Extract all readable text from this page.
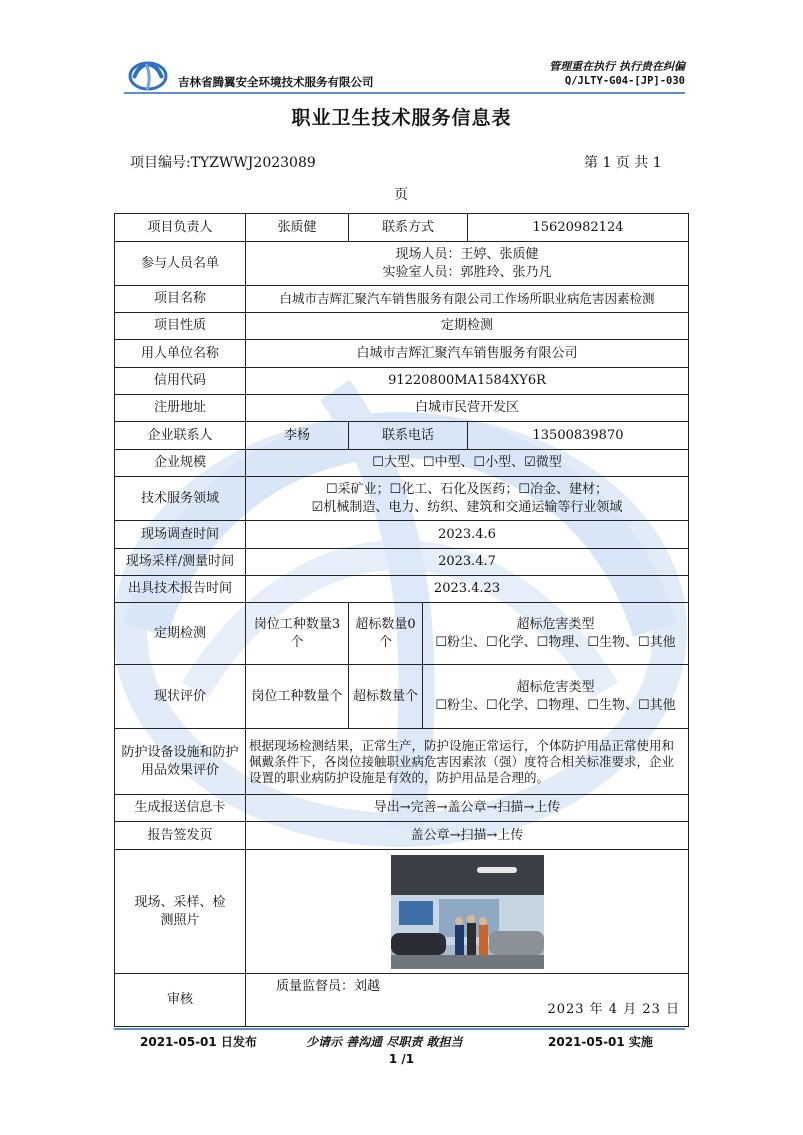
吉林省腾翼安全环境技术服务有限公司
管理重在执行 执行贵在纠偏
Q/JLTY-G04-[JP]-030
职业卫生技术服务信息表
项目编号:TYZWWJ2023089	第 1 页 共 1
页
项目负责人	张质健	联系方式		15620982124
参与人员名单	现场人员：王婷、张质健
实验室人员：郭胜玲、张乃凡			

项目名称	白城市吉辉汇聚汽车销售服务有限公司工作场所职业病危害因素检测			
项目性质	定期检测			
用人单位名称	白城市吉辉汇聚汽车销售服务有限公司			
信用代码	91220800MA1584XY6R			
注册地址	白城市民营开发区			
企业联系人	李杨	联系电话		13500839870
企业规模	☐大型、☐中型、☐小型、☑微型			
技术服务领域	☐采矿业；☐化工、石化及医药；☐冶金、建材；
☑机械制造、电力、纺织、建筑和交通运输等行业领域			

现场调查时间	2023.4.6			
现场采样/测量时间	2023.4.7			
出具技术报告时间	2023.4.23			
定期检测	岗位工种数量3个	超标数量0个	超标危害类型
☐粉尘、☐化学、☐物理、☐生物、☐其他	

现状评价	岗位工种数量个	超标数量个	超标危害类型
☐粉尘、☐化学、☐物理、☐生物、☐其他	

防护设备设施和防护用品效果评价	根据现场检测结果，正常生产，防护设施正常运行，个体防护用品正常使用和佩戴条件下，各岗位接触职业病危害因素浓（强）度符合相关标准要求，企业设置的职业病防护设施是有效的，防护用品是合理的。			
生成报送信息卡	导出→完善→盖公章→扫描→上传			
报告签发页	盖公章→扫描→上传			
现场、采样、检测照片	

审核	质量监督员：刘越
2023 年 4 月 23 日			
2021-05-01 日发布	少请示 善沟通 尽职责 敢担当	2021-05-01 实施
1 /1
